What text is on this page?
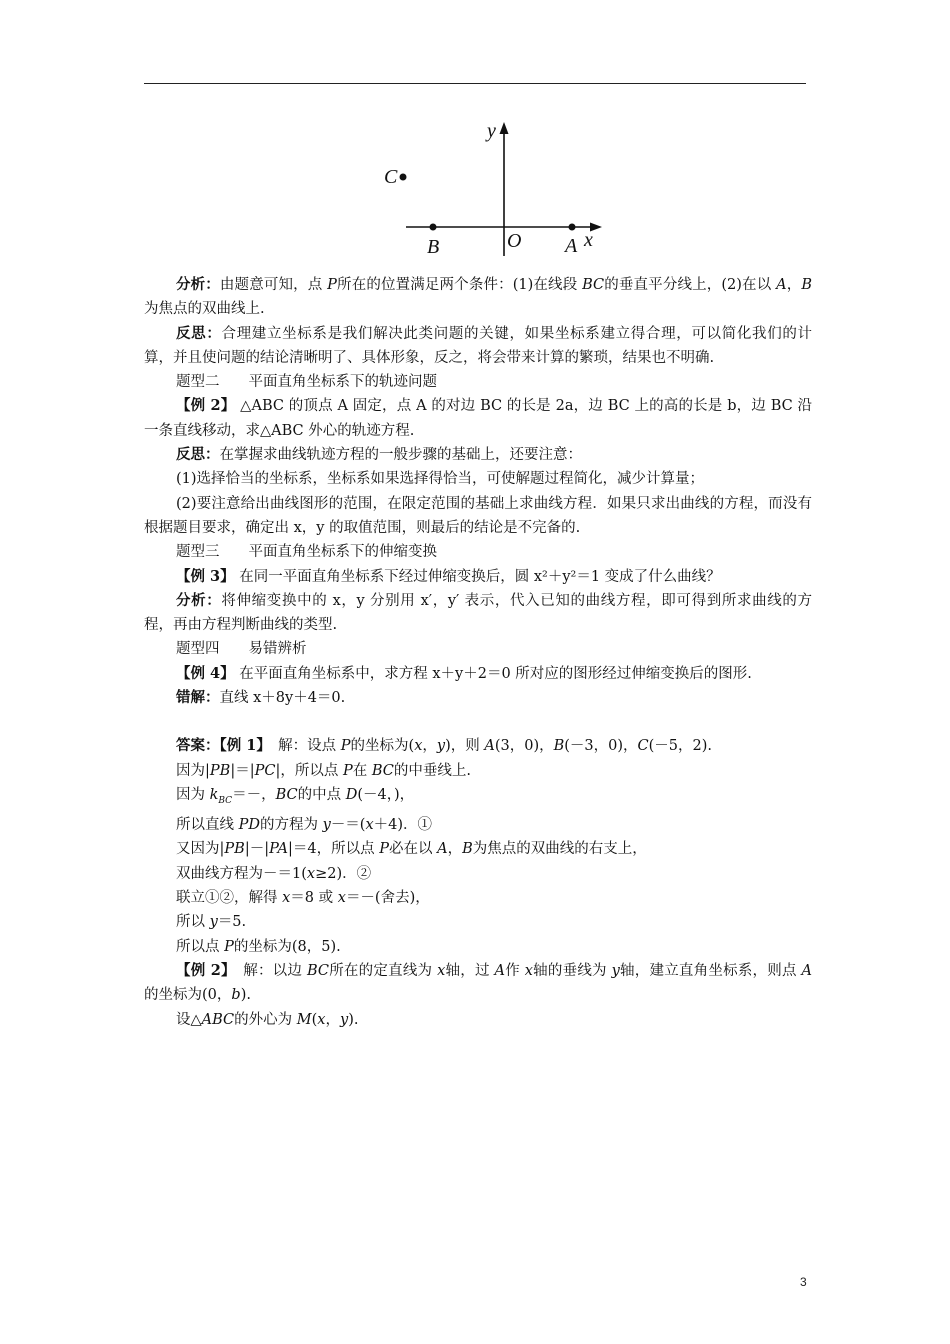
y
x
O A
B
C

分析：由题意可知，点 P所在的位置满足两个条件：(1)在线段 BC的垂直平分线上，(2)在以 A，B为焦点的双曲线上.

反思：合理建立坐标系是我们解决此类问题的关键，如果坐标系建立得合理，可以简化我们的计算，并且使问题的结论清晰明了、具体形象，反之，将会带来计算的繁琐，结果也不明确.

题型二　　平面直角坐标系下的轨迹问题

【例 2】 △ABC 的顶点 A 固定，点 A 的对边 BC 的长是 2a，边 BC 上的高的长是 b，边 BC 沿一条直线移动，求△ABC 外心的轨迹方程.

反思：在掌握求曲线轨迹方程的一般步骤的基础上，还要注意：

(1)选择恰当的坐标系，坐标系如果选择得恰当，可使解题过程简化，减少计算量；

(2)要注意给出曲线图形的范围，在限定范围的基础上求曲线方程．如果只求出曲线的方程，而没有根据题目要求，确定出 x，y 的取值范围，则最后的结论是不完备的.

题型三　　平面直角坐标系下的伸缩变换

【例 3】 在同一平面直角坐标系下经过伸缩变换后，圆 x²＋y²＝1 变成了什么曲线？

分析：将伸缩变换中的 x，y 分别用 x′，y′ 表示，代入已知的曲线方程，即可得到所求曲线的方程，再由方程判断曲线的类型.

题型四　　易错辨析

【例 4】 在平面直角坐标系中，求方程 x＋y＋2＝0 所对应的图形经过伸缩变换后的图形.

错解：直线 x＋8y＋4＝0.

答案：【例 1】　解：设点 P的坐标为(x，y)，则 A(3，0)，B(－3，0)，C(－5，2).

因为|PB|＝|PC|，所以点 P在 BC的中垂线上.

因为 $k_{BC}=-$，BC的中点 D(－4，)，

所以直线 PD的方程为 y－＝(x＋4)．①

又因为|PB|－|PA|＝4，所以点 P必在以 A，B为焦点的双曲线的右支上，

双曲线方程为－＝1(x≥2)．②

联立①②，解得 x＝8 或 x＝－(舍去)，

所以 y＝5.

所以点 P的坐标为(8，5).

【例 2】　解：以边 BC所在的定直线为 x轴，过 A作 x轴的垂线为 y轴，建立直角坐标系，则点 A的坐标为(0，b).

设△ABC的外心为 M(x，y).

3
